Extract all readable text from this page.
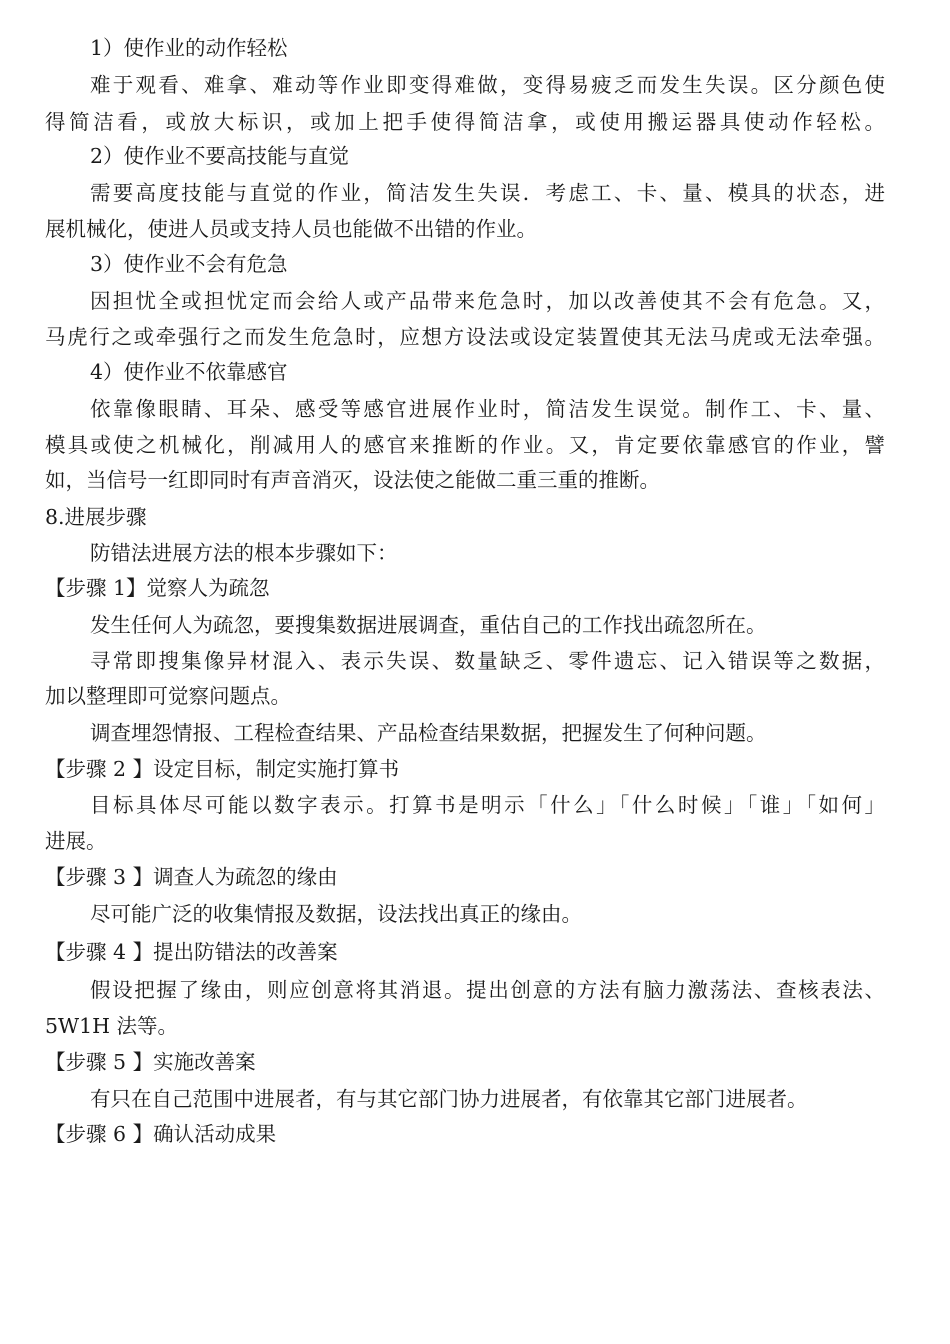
1）使作业的动作轻松
难于观看、难拿、难动等作业即变得难做，变得易疲乏而发生失误。区分颜色使
得简洁看，或放大标识，或加上把手使得简洁拿，或使用搬运器具使动作轻松。
2）使作业不要高技能与直觉
需要高度技能与直觉的作业，简洁发生失误．考虑工、卡、量、模具的状态，进
展机械化，使进人员或支持人员也能做不出错的作业。
3）使作业不会有危急
因担忧全或担忧定而会给人或产品带来危急时，加以改善使其不会有危急。又，
马虎行之或牵强行之而发生危急时，应想方设法或设定装置使其无法马虎或无法牵强。
4）使作业不依靠感官
依靠像眼睛、耳朵、感受等感官进展作业时，简洁发生误觉。制作工、卡、量、
模具或使之机械化，削减用人的感官来推断的作业。又，肯定要依靠感官的作业，譬
如，当信号一红即同时有声音消灭，设法使之能做二重三重的推断。
8.进展步骤
防错法进展方法的根本步骤如下：
【步骤 1】觉察人为疏忽
发生任何人为疏忽，要搜集数据进展调查，重估自己的工作找出疏忽所在。
寻常即搜集像异材混入、表示失误、数量缺乏、零件遗忘、记入错误等之数据，
加以整理即可觉察问题点。
调查埋怨情报、工程检查结果、产品检查结果数据，把握发生了何种问题。
【步骤 2 】设定目标，制定实施打算书
目标具体尽可能以数字表示。打算书是明示「什么」「什么时候」「谁」「如何」
进展。
【步骤 3 】调查人为疏忽的缘由
尽可能广泛的收集情报及数据，设法找出真正的缘由。
【步骤 4 】提出防错法的改善案
假设把握了缘由，则应创意将其消退。提出创意的方法有脑力激荡法、查核表法、
5W1H 法等。
【步骤 5 】实施改善案
有只在自己范围中进展者，有与其它部门协力进展者，有依靠其它部门进展者。
【步骤 6 】确认活动成果
